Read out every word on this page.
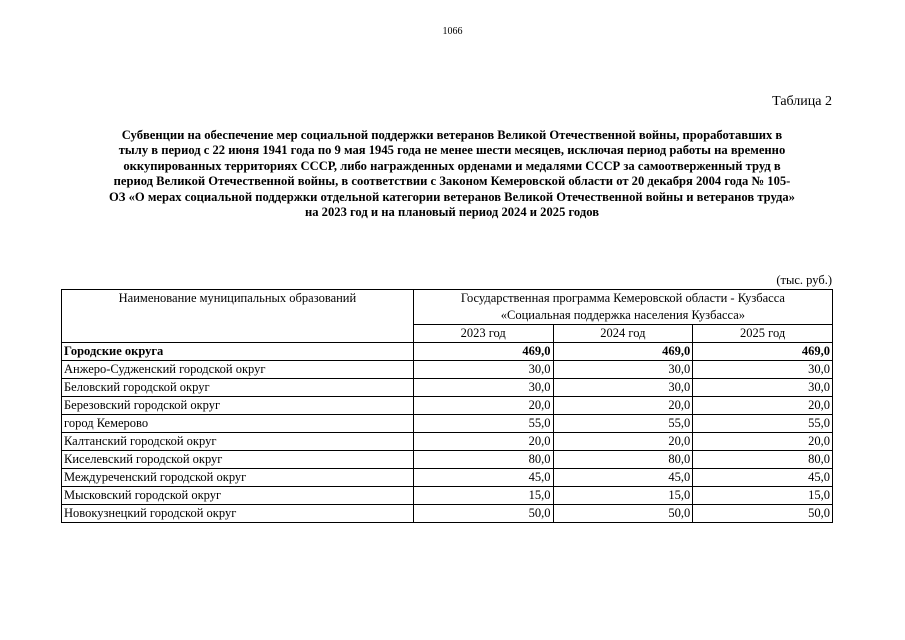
1066
Таблица 2
Субвенции на обеспечение мер социальной поддержки ветеранов Великой Отечественной войны, проработавших в
тылу в период с 22 июня 1941 года по 9 мая 1945 года не менее шести месяцев, исключая период работы на временно
оккупированных территориях СССР, либо награжденных орденами и медалями СССР за самоотверженный труд в
период Великой Отечественной войны, в соответствии с Законом Кемеровской области от 20 декабря 2004 года № 105-
ОЗ «О мерах социальной поддержки отдельной категории ветеранов Великой Отечественной войны и ветеранов труда»
на 2023 год и на плановый период 2024 и 2025 годов
(тыс. руб.)
Наименование муниципальных образований	Государственная программа Кемеровской области - Кузбасса
«Социальная поддержка населения Кузбасса»		

	2023 год	2024 год	2025 год
Городские округа	469,0	469,0	469,0
Анжеро-Судженский городской округ	30,0	30,0	30,0
Беловский городской округ	30,0	30,0	30,0
Березовский городской округ	20,0	20,0	20,0
город Кемерово	55,0	55,0	55,0
Калтанский городской округ	20,0	20,0	20,0
Киселевский городской округ	80,0	80,0	80,0
Междуреченский городской округ	45,0	45,0	45,0
Мысковский городской округ	15,0	15,0	15,0
Новокузнецкий городской округ	50,0	50,0	50,0
